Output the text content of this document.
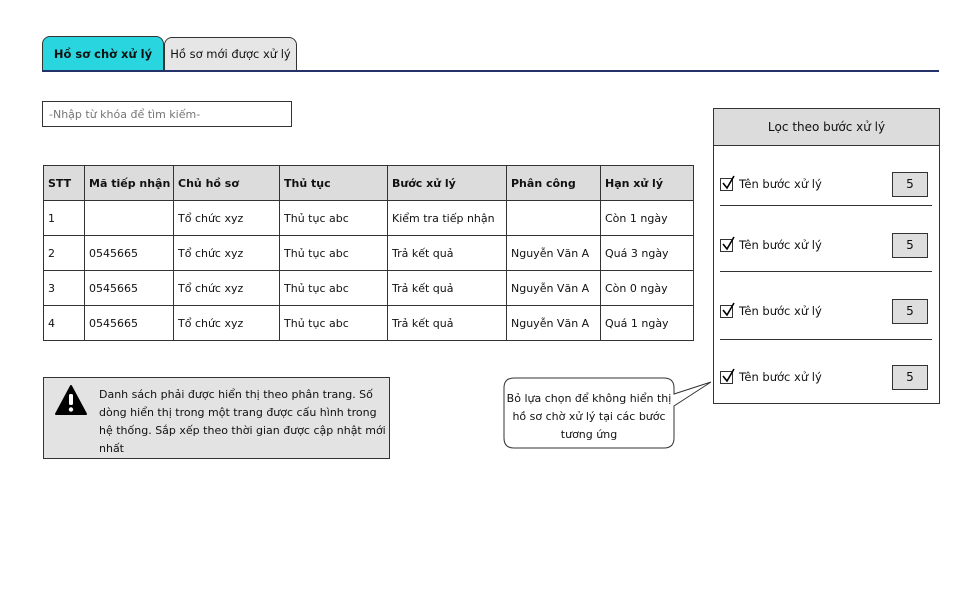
Hồ sơ chờ xử lý	Hồ sơ mới được xử lý
-Nhập từ khóa để tìm kiếm-
STT	Mã tiếp nhận	Chủ hồ sơ	Thủ tục	Bước xử lý	Phân công	Hạn xử lý
1		Tổ chức xyz	Thủ tục abc	Kiểm tra tiếp nhận		Còn 1 ngày
2	0545665	Tổ chức xyz	Thủ tục abc	Trả kết quả	Nguyễn Văn A	Quá 3 ngày
3	0545665	Tổ chức xyz	Thủ tục abc	Trả kết quả	Nguyễn Văn A	Còn 0 ngày
4	0545665	Tổ chức xyz	Thủ tục abc	Trả kết quả	Nguyễn Văn A	Quá 1 ngày
Danh sách phải được hiển thị theo phân trang. Số dòng hiển thị trong một trang được cấu hình trong hệ thống. Sắp xếp theo thời gian được cập nhật mới nhất
Bỏ lựa chọn để không hiển thị hồ sơ chờ xử lý tại các bước tương ứng
Lọc theo bước xử lý
Tên bước xử lý	5
Tên bước xử lý	5
Tên bước xử lý	5
Tên bước xử lý	5
